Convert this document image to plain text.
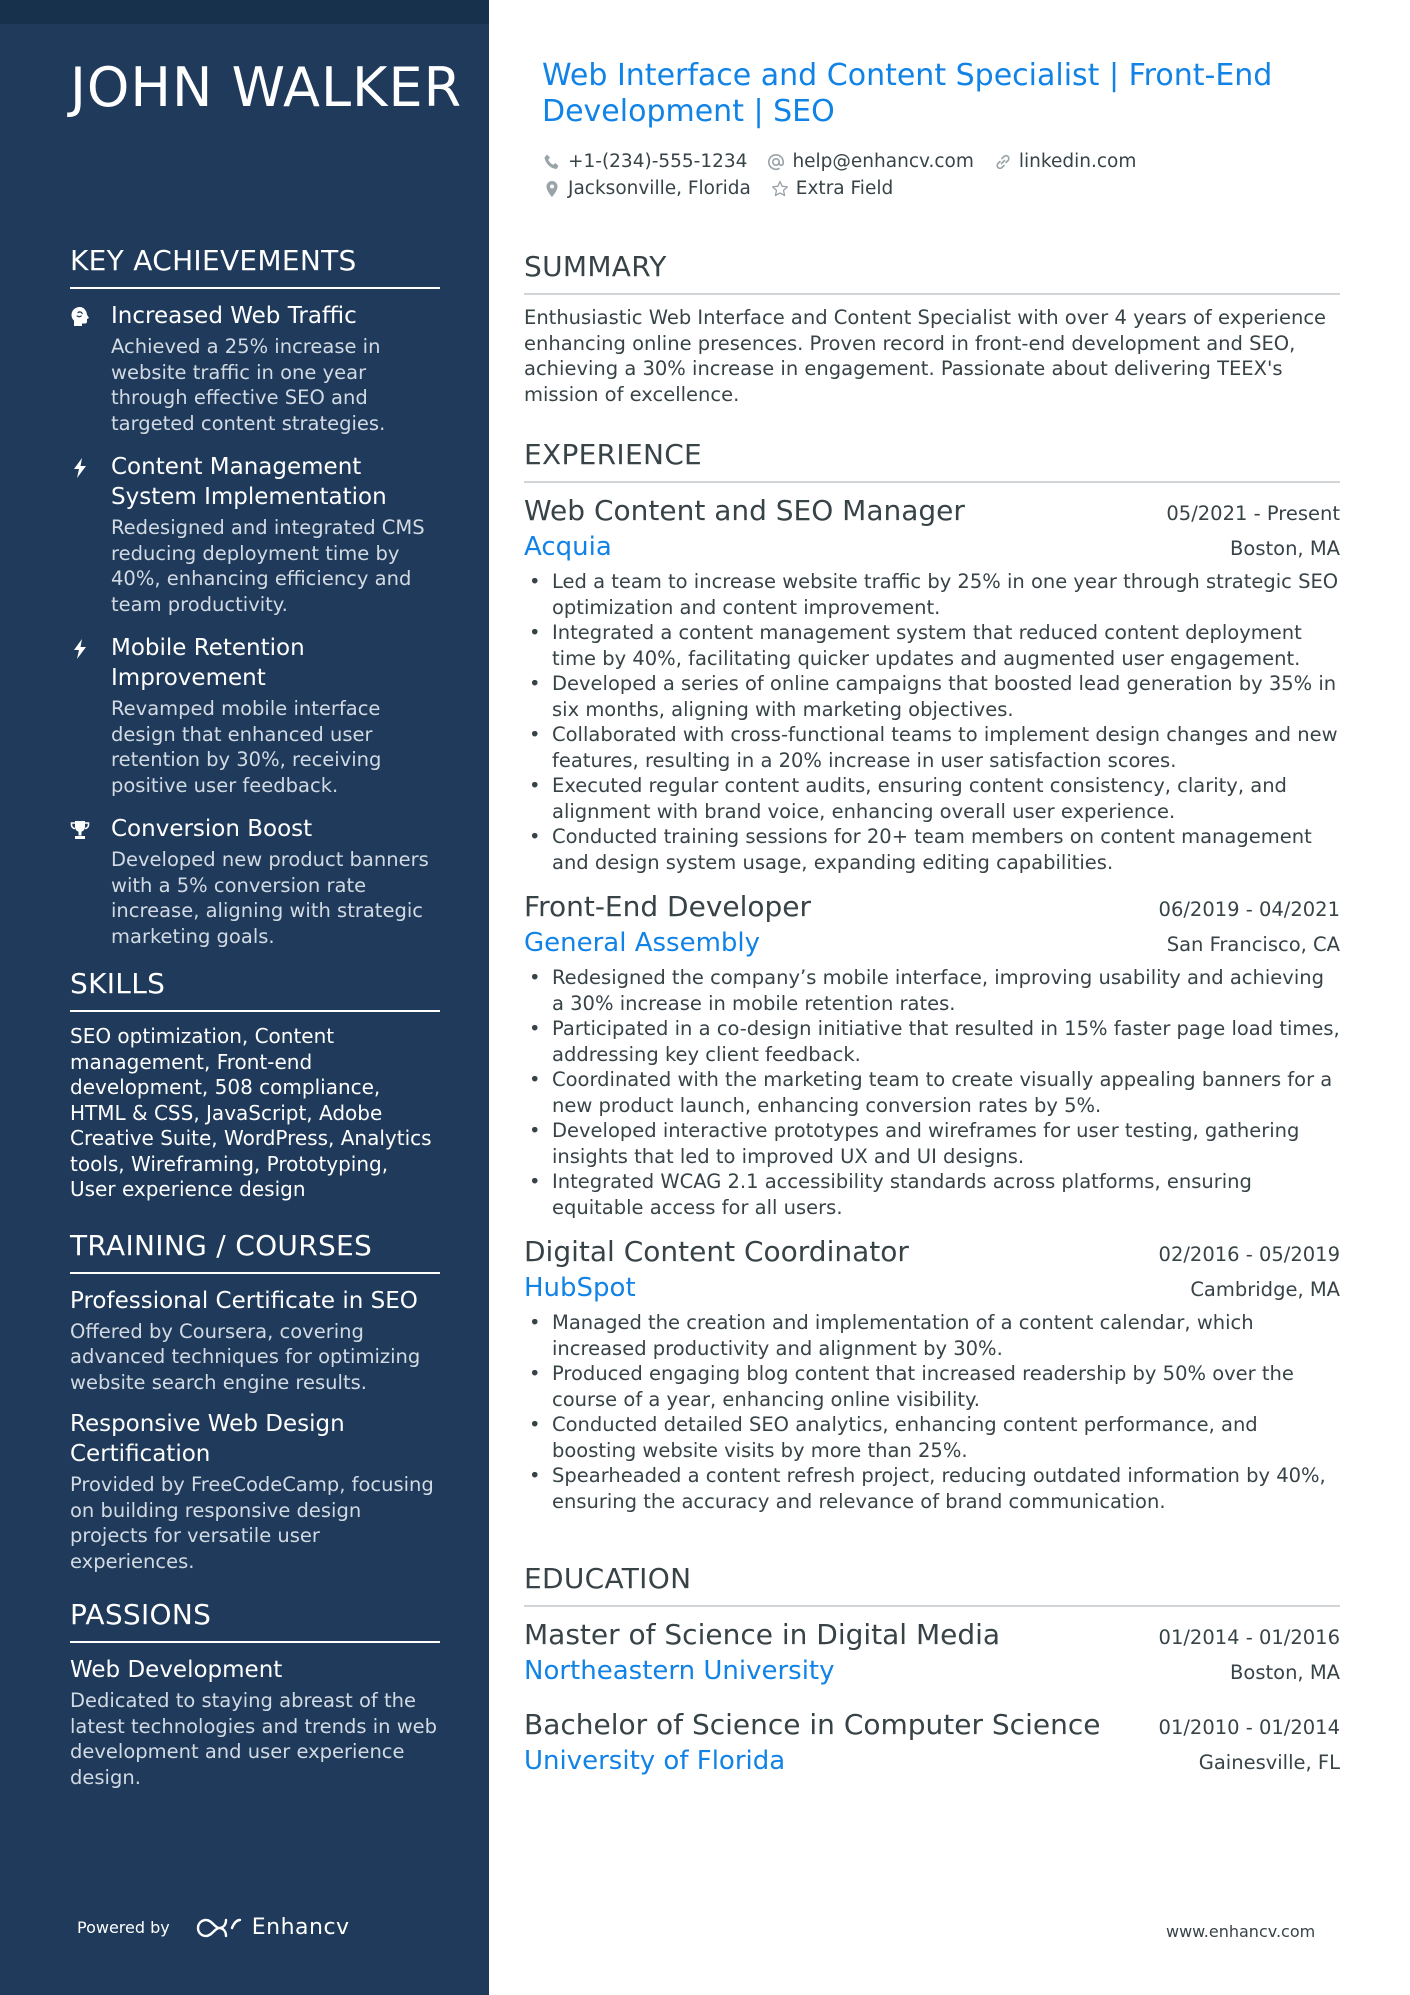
JOHN WALKER
KEY ACHIEVEMENTS
Increased Web Traffic
Achieved a 25% increase in website traffic in one year through effective SEO and targeted content strategies.
Content Management System Implementation
Redesigned and integrated CMS reducing deployment time by 40%, enhancing efficiency and team productivity.
Mobile Retention Improvement
Revamped mobile interface design that enhanced user retention by 30%, receiving positive user feedback.
Conversion Boost
Developed new product banners with a 5% conversion rate increase, aligning with strategic marketing goals.
SKILLS
SEO optimization, Content management, Front-end development, 508 compliance, HTML & CSS, JavaScript, Adobe Creative Suite, WordPress, Analytics tools, Wireframing, Prototyping, User experience design
TRAINING / COURSES
Professional Certificate in SEO
Offered by Coursera, covering advanced techniques for optimizing website search engine results.
Responsive Web Design Certification
Provided by FreeCodeCamp, focusing on building responsive design projects for versatile user experiences.
PASSIONS
Web Development
Dedicated to staying abreast of the latest technologies and trends in web development and user experience design.
Powered by	Enhancv
Web Interface and Content Specialist | Front-End Development | SEO
+1-(234)-555-1234 help@enhancv.com linkedin.com
Jacksonville, Florida Extra Field
SUMMARY
Enthusiastic Web Interface and Content Specialist with over 4 years of experience enhancing online presences. Proven record in front-end development and SEO, achieving a 30% increase in engagement. Passionate about delivering TEEX's mission of excellence.
EXPERIENCE
Web Content and SEO Manager	05/2021 - Present
Acquia	Boston, MA
• Led a team to increase website traffic by 25% in one year through strategic SEO optimization and content improvement.
• Integrated a content management system that reduced content deployment time by 40%, facilitating quicker updates and augmented user engagement.
• Developed a series of online campaigns that boosted lead generation by 35% in six months, aligning with marketing objectives.
• Collaborated with cross-functional teams to implement design changes and new features, resulting in a 20% increase in user satisfaction scores.
• Executed regular content audits, ensuring content consistency, clarity, and alignment with brand voice, enhancing overall user experience.
• Conducted training sessions for 20+ team members on content management and design system usage, expanding editing capabilities.
Front-End Developer	06/2019 - 04/2021
General Assembly	San Francisco, CA
• Redesigned the company’s mobile interface, improving usability and achieving a 30% increase in mobile retention rates.
• Participated in a co-design initiative that resulted in 15% faster page load times, addressing key client feedback.
• Coordinated with the marketing team to create visually appealing banners for a new product launch, enhancing conversion rates by 5%.
• Developed interactive prototypes and wireframes for user testing, gathering insights that led to improved UX and UI designs.
• Integrated WCAG 2.1 accessibility standards across platforms, ensuring equitable access for all users.
Digital Content Coordinator	02/2016 - 05/2019
HubSpot	Cambridge, MA
• Managed the creation and implementation of a content calendar, which increased productivity and alignment by 30%.
• Produced engaging blog content that increased readership by 50% over the course of a year, enhancing online visibility.
• Conducted detailed SEO analytics, enhancing content performance, and boosting website visits by more than 25%.
• Spearheaded a content refresh project, reducing outdated information by 40%, ensuring the accuracy and relevance of brand communication.
EDUCATION
Master of Science in Digital Media	01/2014 - 01/2016
Northeastern University	Boston, MA
Bachelor of Science in Computer Science	01/2010 - 01/2014
University of Florida	Gainesville, FL
www.enhancv.com
